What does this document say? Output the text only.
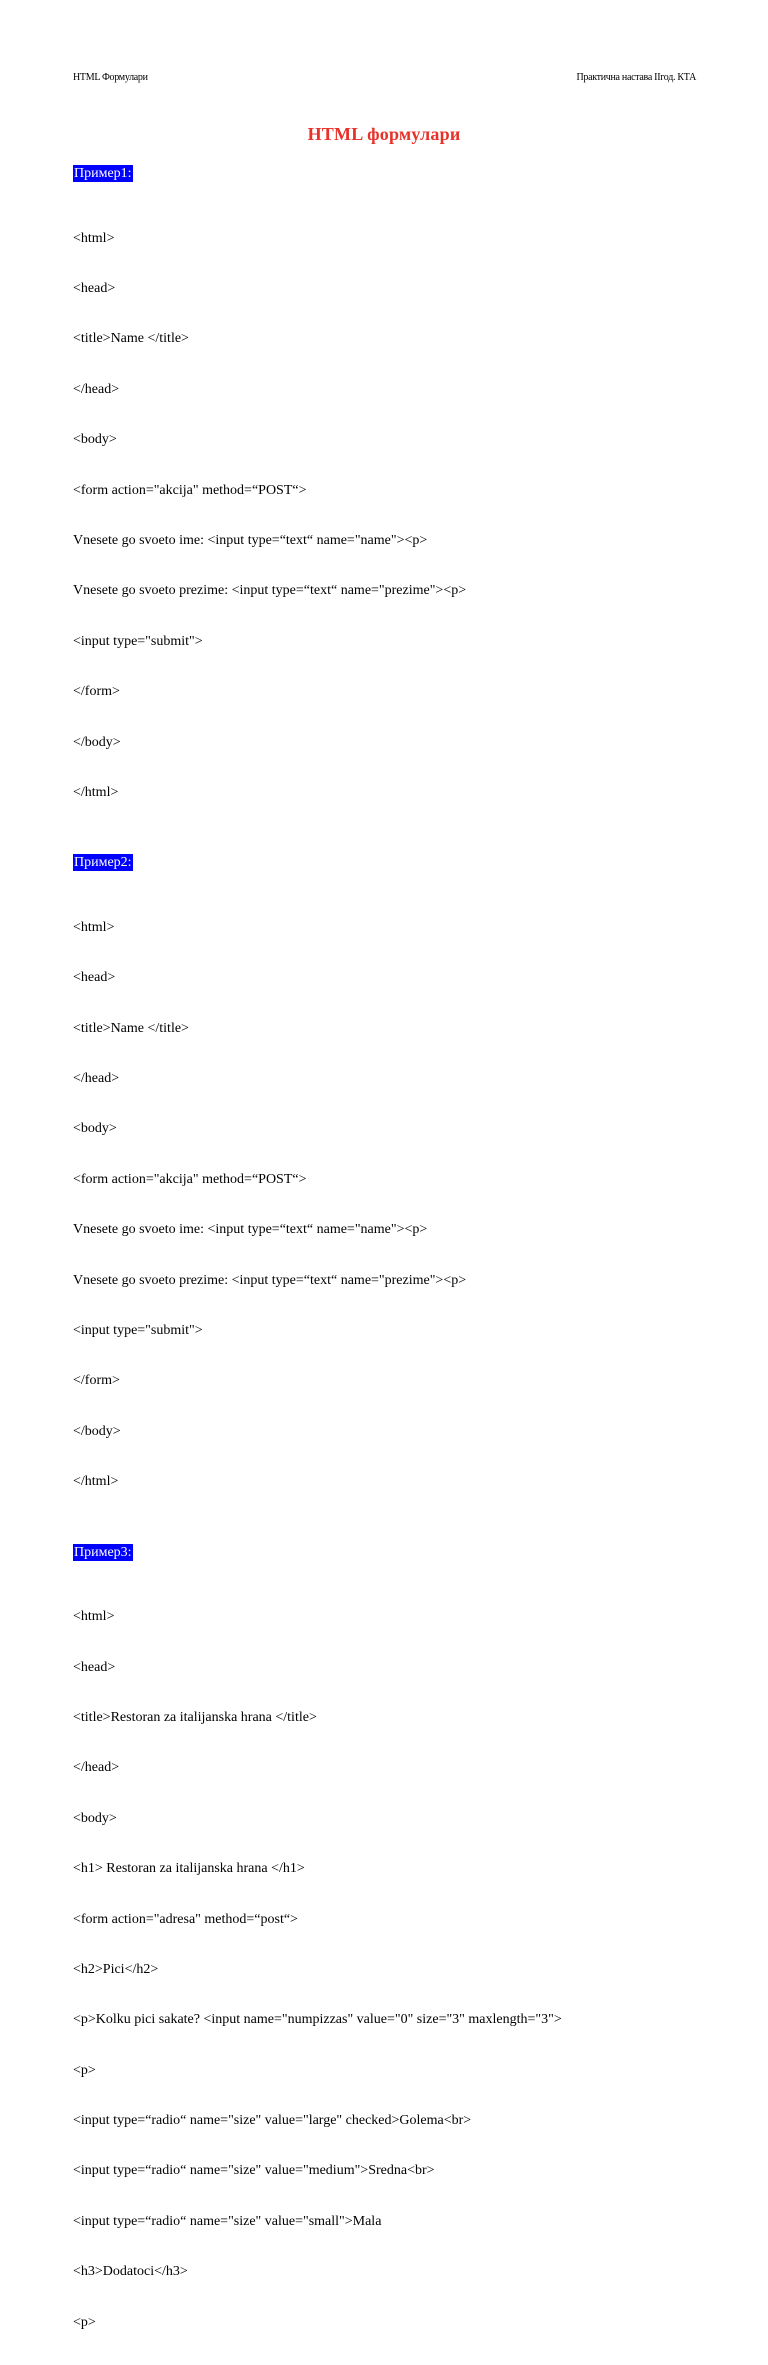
HTML Формулари	Практична настава IIгод. КТА
HTML формулари
Пример1:

<html>

<head>

<title>Name </title>

</head>

<body>

<form action="akcija" method=“POST“>

Vnesete go svoeto ime: <input type=“text“ name="name"><p>

Vnesete go svoeto prezime: <input type=“text“ name="prezime"><p>

<input type="submit">

</form>

</body>

</html>

Пример2:

<html>

<head>

<title>Name </title>

</head>

<body>

<form action="akcija" method=“POST“>

Vnesete go svoeto ime: <input type=“text“ name="name"><p>

Vnesete go svoeto prezime: <input type=“text“ name="prezime"><p>

<input type="submit">

</form>

</body>

</html>

Пример3:

<html>

<head>

<title>Restoran za italijanska hrana </title>

</head>

<body>

<h1> Restoran za italijanska hrana </h1>

<form action="adresa" method=“post“>

<h2>Pici</h2>

<p>Kolku pici sakate? <input name="numpizzas" value="0" size="3" maxlength="3">

<p>

<input type=“radio“ name="size" value="large" checked>Golema<br>

<input type=“radio“ name="size" value="medium">Sredna<br>

<input type=“radio“ name="size" value="small">Mala

<h3>Dodatoci</h3>

<p>
